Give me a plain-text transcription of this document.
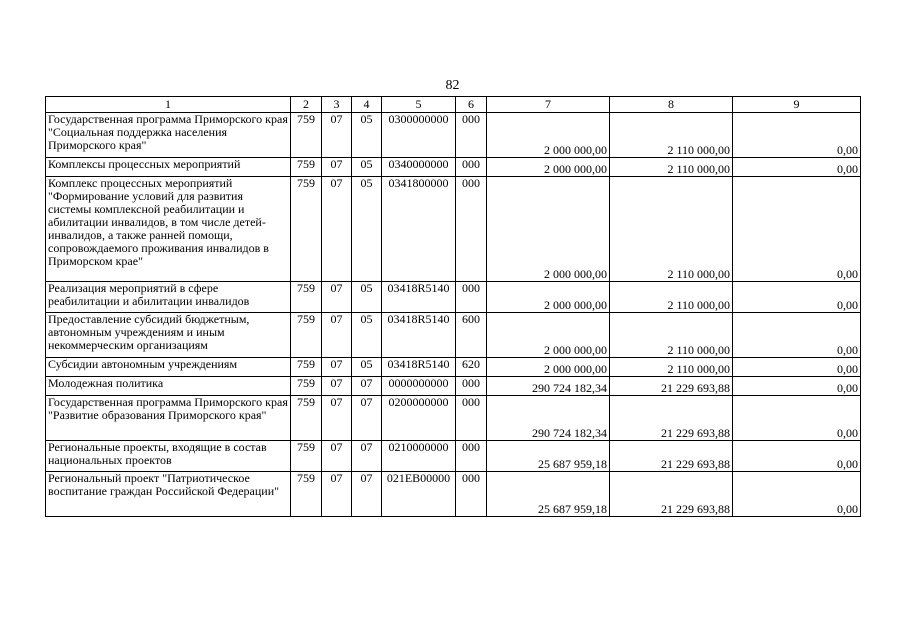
82
1	2	3	4	5	6	7	8	9
Государственная программа Приморского края "Социальная поддержка населения Приморского края"	759	07	05	0300000000	000	2 000 000,00	2 110 000,00	0,00
Комплексы процессных мероприятий	759	07	05	0340000000	000	2 000 000,00	2 110 000,00	0,00
Комплекс процессных мероприятий "Формирование условий для развития системы комплексной реабилитации и абилитации инвалидов, в том числе детей-инвалидов, а также ранней помощи, сопровождаемого проживания инвалидов в Приморском крае"	759	07	05	0341800000	000	2 000 000,00	2 110 000,00	0,00
Реализация мероприятий в сфере реабилитации и абилитации инвалидов	759	07	05	03418R5140	000	2 000 000,00	2 110 000,00	0,00
Предоставление субсидий бюджетным, автономным учреждениям и иным некоммерческим организациям	759	07	05	03418R5140	600	2 000 000,00	2 110 000,00	0,00
Субсидии автономным учреждениям	759	07	05	03418R5140	620	2 000 000,00	2 110 000,00	0,00
Молодежная политика	759	07	07	0000000000	000	290 724 182,34	21 229 693,88	0,00
Государственная программа Приморского края "Развитие образования Приморского края"	759	07	07	0200000000	000	290 724 182,34	21 229 693,88	0,00
Региональные проекты, входящие в состав национальных проектов	759	07	07	0210000000	000	25 687 959,18	21 229 693,88	0,00
Региональный проект "Патриотическое воспитание граждан Российской Федерации"	759	07	07	021EB00000	000	25 687 959,18	21 229 693,88	0,00
